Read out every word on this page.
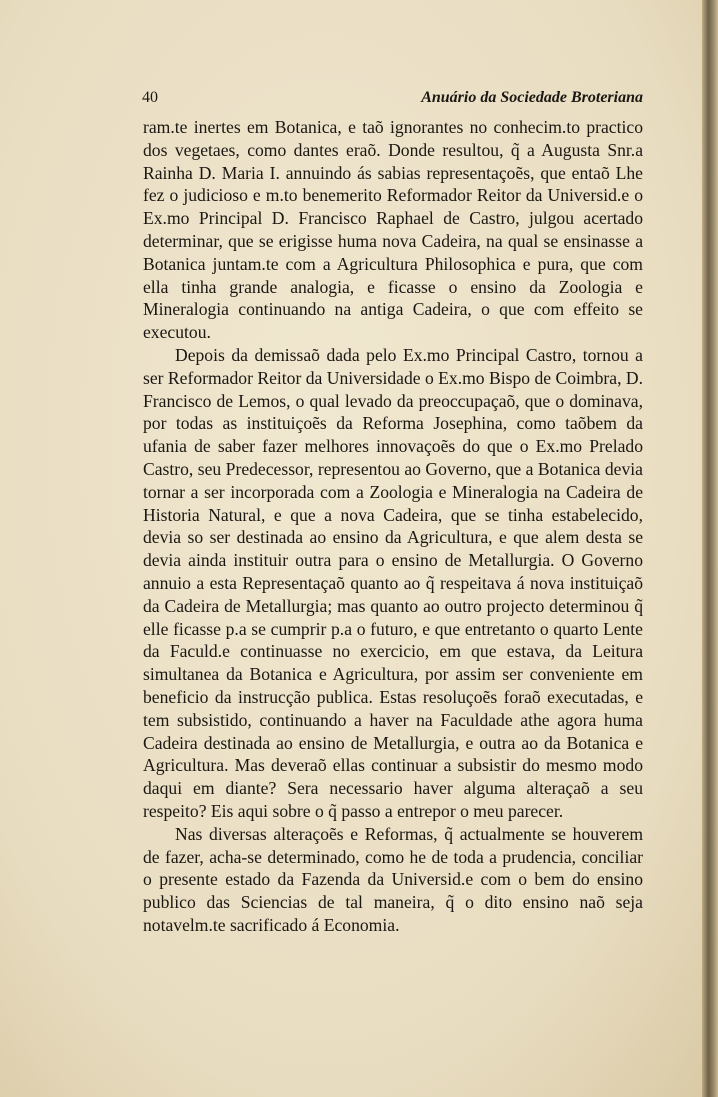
40	Anuário da Sociedade Broteriana

ram.te inertes em Botanica, e taõ ignorantes no conhecim.to practico dos vegetaes, como dantes eraõ. Donde resultou, q̃ a Augusta Snr.a Rainha D. Maria I. annuindo ás sabias representaçoẽs, que entaõ Lhe fez o judicioso e m.to benemerito Reformador Reitor da Universid.e o Ex.mo Principal D. Francisco Raphael de Castro, julgou acertado determinar, que se erigisse huma nova Cadeira, na qual se ensinasse a Botanica juntam.te com a Agricultura Philosophica e pura, que com ella tinha grande analogia, e ficasse o ensino da Zoologia e Mineralogia continuando na antiga Cadeira, o que com effeito se executou.

Depois da demissaõ dada pelo Ex.mo Principal Castro, tornou a ser Reformador Reitor da Universidade o Ex.mo Bispo de Coimbra, D. Francisco de Lemos, o qual levado da preoccupaçaõ, que o dominava, por todas as instituiçoẽs da Reforma Josephina, como taõbem da ufania de saber fazer melhores innovaçoẽs do que o Ex.mo Prelado Castro, seu Predecessor, representou ao Governo, que a Botanica devia tornar a ser incorporada com a Zoologia e Mineralogia na Cadeira de Historia Natural, e que a nova Cadeira, que se tinha estabelecido, devia so ser destinada ao ensino da Agricultura, e que alem desta se devia ainda instituir outra para o ensino de Metallurgia. O Governo annuio a esta Representaçaõ quanto ao q̃ respeitava á nova instituiçaõ da Cadeira de Metallurgia; mas quanto ao outro projecto determinou q̃ elle ficasse p.a se cumprir p.a o futuro, e que entretanto o quarto Lente da Faculd.e continuasse no exercicio, em que estava, da Leitura simultanea da Botanica e Agricultura, por assim ser conveniente em beneficio da instrucção publica. Estas resoluçoẽs foraõ executadas, e tem subsistido, continuando a haver na Faculdade athe agora huma Cadeira destinada ao ensino de Metallurgia, e outra ao da Botanica e Agricultura. Mas deveraõ ellas continuar a subsistir do mesmo modo daqui em diante? Sera necessario haver alguma alteraçaõ a seu respeito? Eis aqui sobre o q̃ passo a entrepor o meu parecer.

Nas diversas alteraçoẽs e Reformas, q̃ actualmente se houverem de fazer, acha-se determinado, como he de toda a prudencia, conciliar o presente estado da Fazenda da Universid.e com o bem do ensino publico das Sciencias de tal maneira, q̃ o dito ensino naõ seja notavelm.te sacrificado á Economia.
